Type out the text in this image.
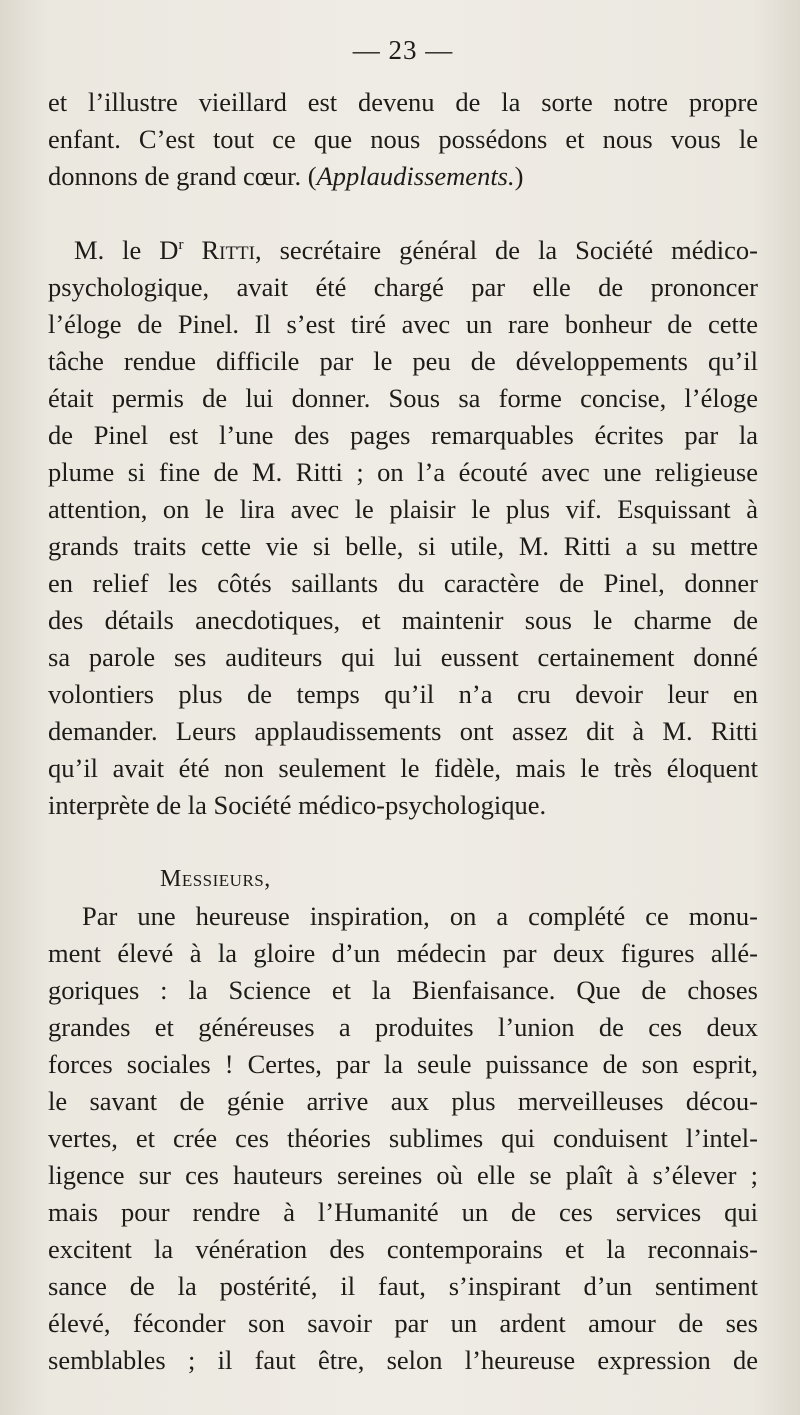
— 23 —

et l’illustre vieillard est devenu de la sorte notre propre
enfant. C’est tout ce que nous possédons et nous vous le
donnons de grand cœur. (Applaudissements.)

M. le $D^r$ Ritti, secrétaire général de la Société médico-
psychologique, avait été chargé par elle de prononcer
l’éloge de Pinel. Il s’est tiré avec un rare bonheur de cette
tâche rendue difficile par le peu de développements qu’il
était permis de lui donner. Sous sa forme concise, l’éloge
de Pinel est l’une des pages remarquables écrites par la
plume si fine de M. Ritti ; on l’a écouté avec une religieuse
attention, on le lira avec le plaisir le plus vif. Esquissant à
grands traits cette vie si belle, si utile, M. Ritti a su mettre
en relief les côtés saillants du caractère de Pinel, donner
des détails anecdotiques, et maintenir sous le charme de
sa parole ses auditeurs qui lui eussent certainement donné
volontiers plus de temps qu’il n’a cru devoir leur en
demander. Leurs applaudissements ont assez dit à M. Ritti
qu’il avait été non seulement le fidèle, mais le très éloquent
interprète de la Société médico-psychologique.

Messieurs,

Par une heureuse inspiration, on a complété ce monu-
ment élevé à la gloire d’un médecin par deux figures allé-
goriques : la Science et la Bienfaisance. Que de choses
grandes et généreuses a produites l’union de ces deux
forces sociales ! Certes, par la seule puissance de son esprit,
le savant de génie arrive aux plus merveilleuses décou-
vertes, et crée ces théories sublimes qui conduisent l’intel-
ligence sur ces hauteurs sereines où elle se plaît à s’élever ;
mais pour rendre à l’Humanité un de ces services qui
excitent la vénération des contemporains et la reconnais-
sance de la postérité, il faut, s’inspirant d’un sentiment
élevé, féconder son savoir par un ardent amour de ses
semblables ; il faut être, selon l’heureuse expression de
